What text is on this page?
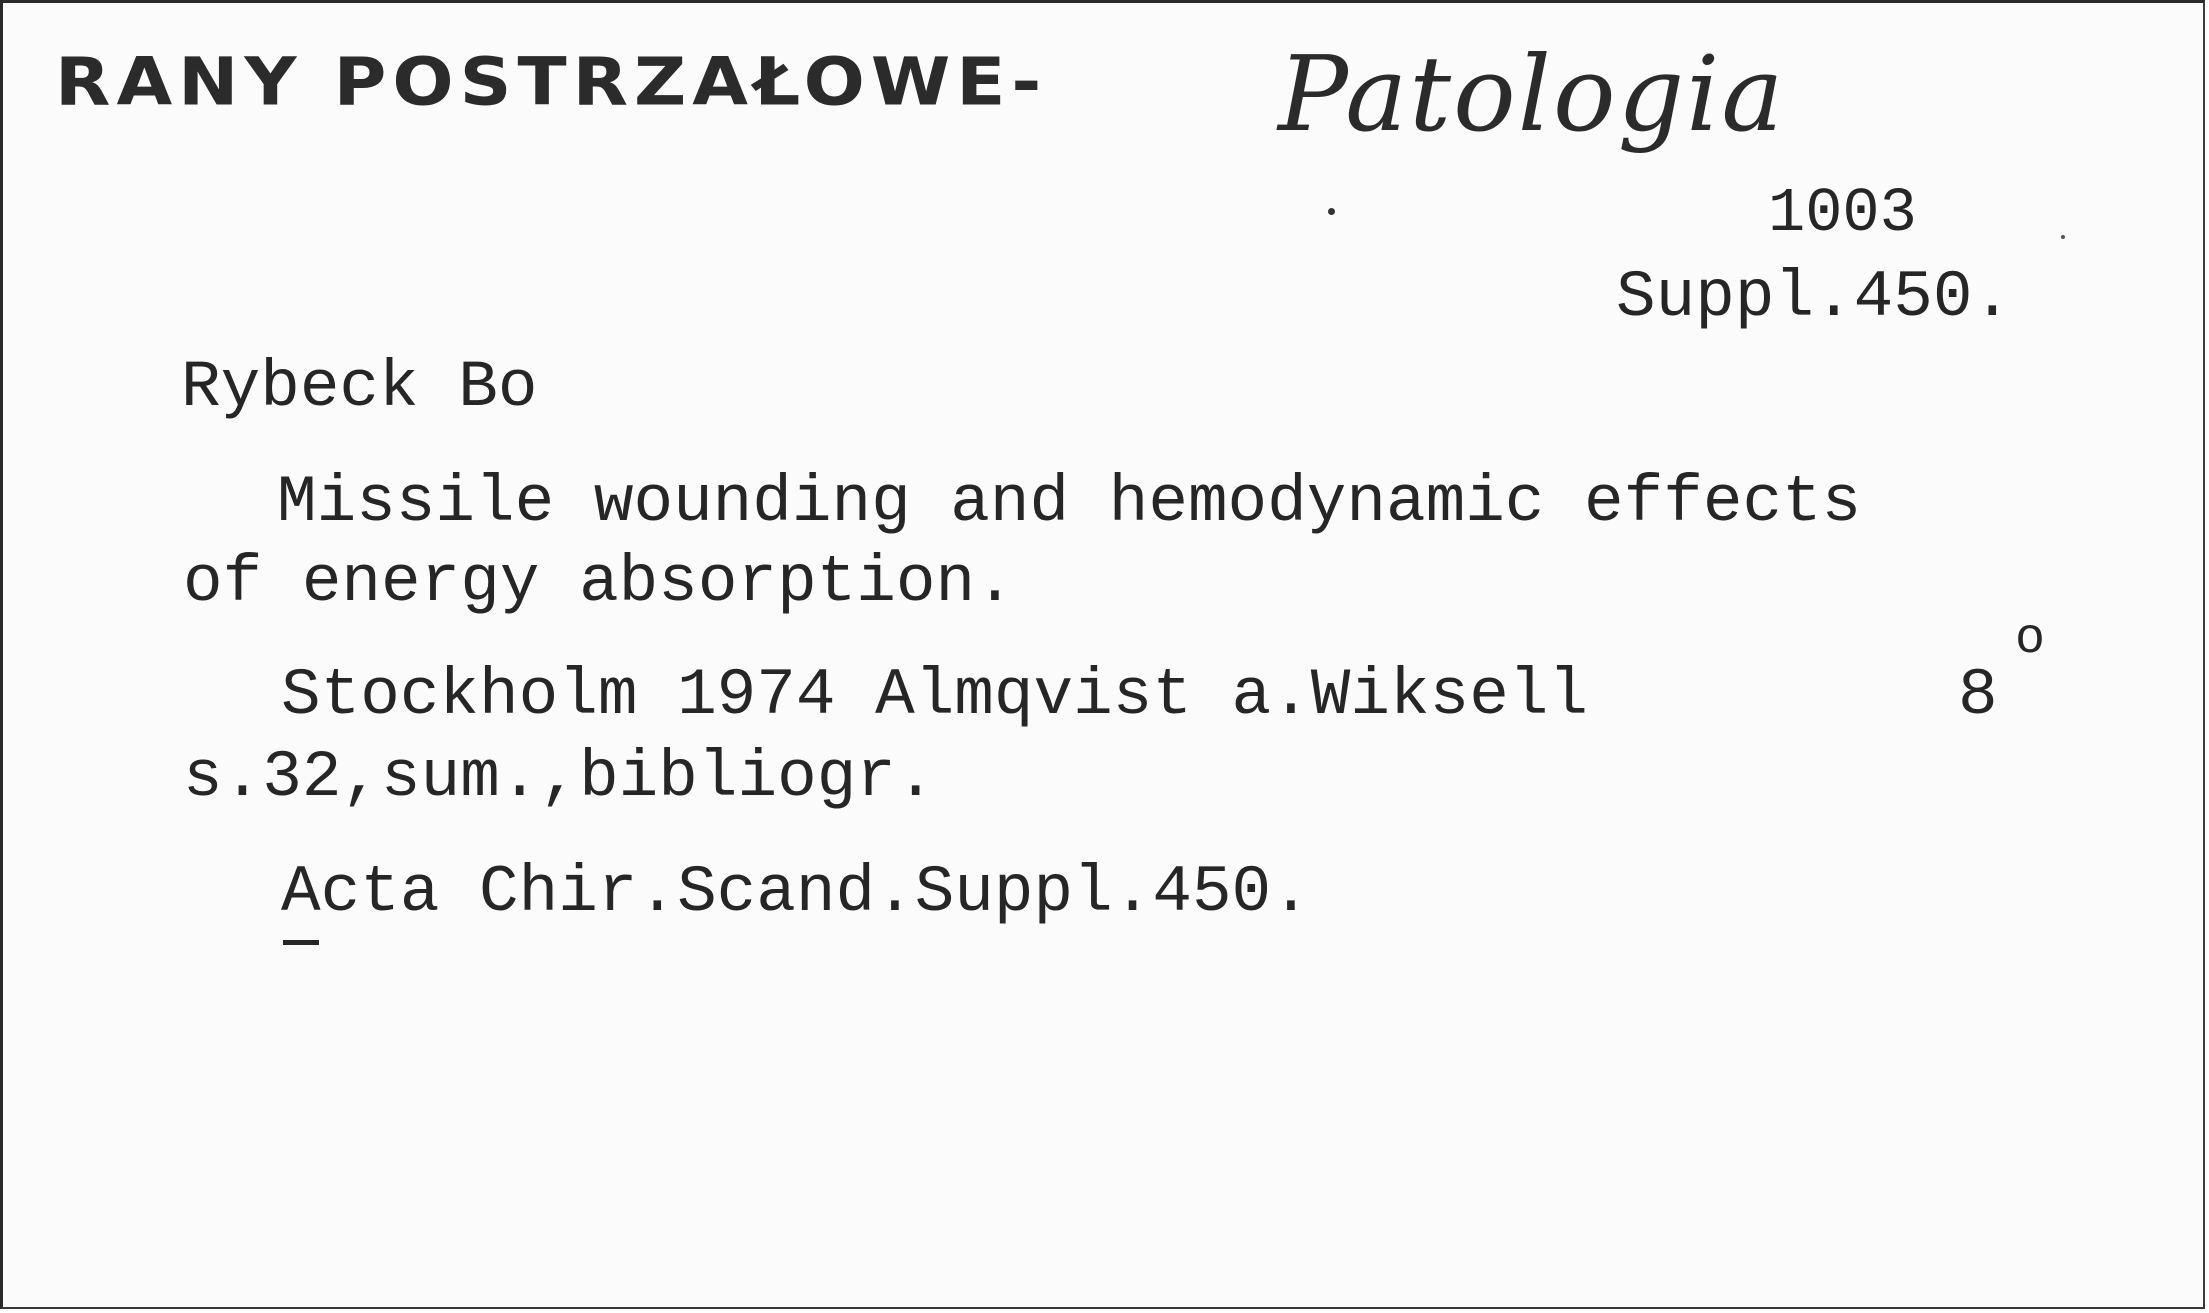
RANY POSTRZAŁOWE- Patologia
1003
Suppl.450.
Rybeck Bo
Missile wounding and hemodynamic effects
of energy absorption.
Stockholm 1974 Almqvist a.Wiksell	8
o
s.32,sum.,bibliogr.
Acta Chir.Scand.Suppl.450.
